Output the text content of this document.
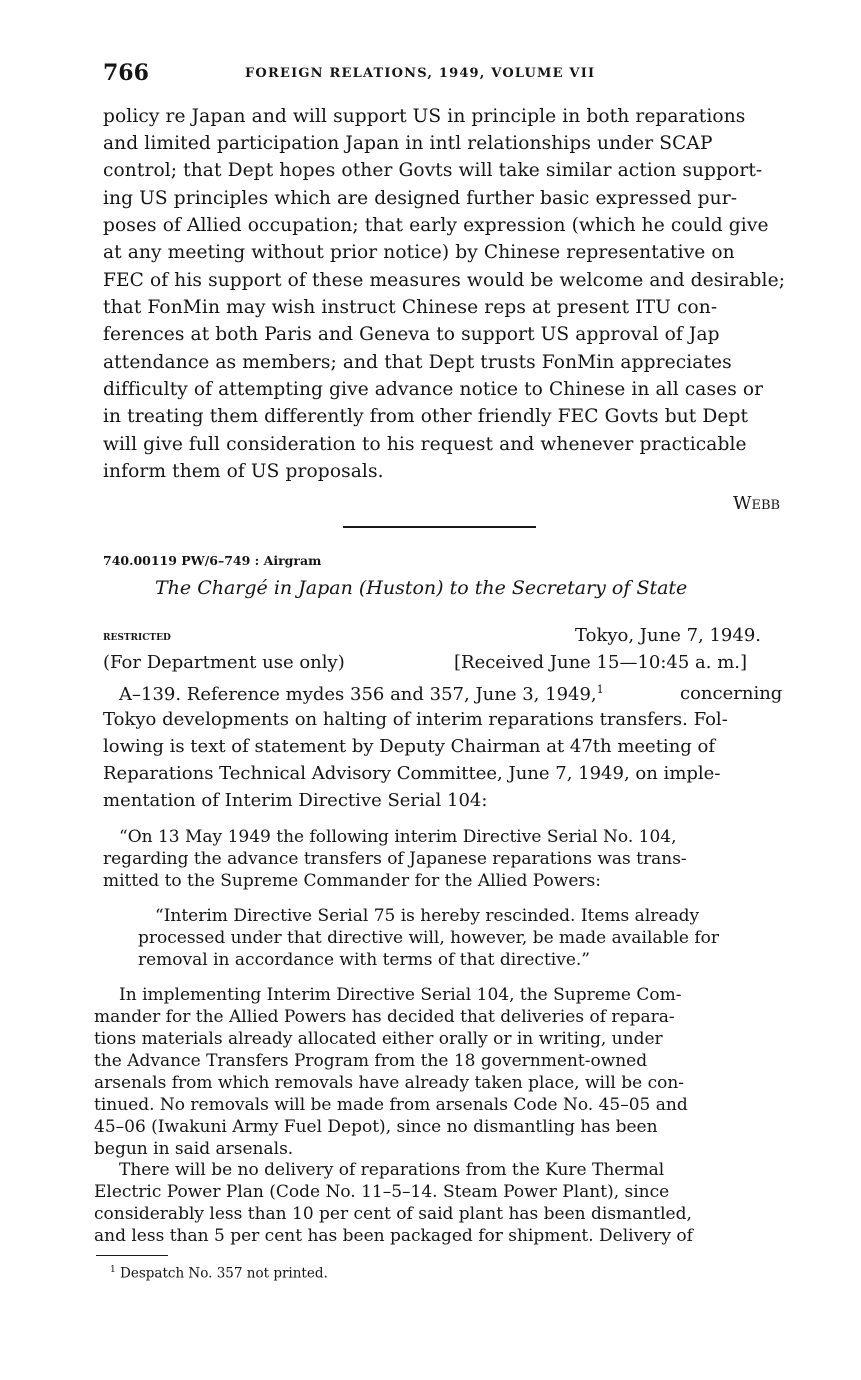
766	FOREIGN RELATIONS, 1949, VOLUME VII

policy re Japan and will support US in principle in both reparations

and limited participation Japan in intl relationships under SCAP

control; that Dept hopes other Govts will take similar action support-

ing US principles which are designed further basic expressed pur-

poses of Allied occupation; that early expression (which he could give

at any meeting without prior notice) by Chinese representative on

FEC of his support of these measures would be welcome and desirable;

that FonMin may wish instruct Chinese reps at present ITU con-

ferences at both Paris and Geneva to support US approval of Jap

attendance as members; and that Dept trusts FonMin appreciates

difficulty of attempting give advance notice to Chinese in all cases or

in treating them differently from other friendly FEC Govts but Dept

will give full consideration to his request and whenever practicable

inform them of US proposals.

Webb
740.00119 PW/6–749 : Airgram
The Chargé in Japan (Huston) to the Secretary of State
restricted	Tokyo, June 7, 1949.
(For Department use only)	[Received June 15—10:45 a. m.]

A–139. Reference mydes 356 and 357, June 3, 1949,$^1$	concerning

Tokyo developments on halting of interim reparations transfers. Fol-

lowing is text of statement by Deputy Chairman at 47th meeting of

Reparations Technical Advisory Committee, June 7, 1949, on imple-

mentation of Interim Directive Serial 104:

“On 13 May 1949 the following interim Directive Serial No. 104,

regarding the advance transfers of Japanese reparations was trans-

mitted to the Supreme Commander for the Allied Powers:

“Interim Directive Serial 75 is hereby rescinded. Items already

processed under that directive will, however, be made available for

removal in accordance with terms of that directive.”

In implementing Interim Directive Serial 104, the Supreme Com-

mander for the Allied Powers has decided that deliveries of repara-

tions materials already allocated either orally or in writing, under

the Advance Transfers Program from the 18 government-owned

arsenals from which removals have already taken place, will be con-

tinued. No removals will be made from arsenals Code No. 45–05 and

45–06 (Iwakuni Army Fuel Depot), since no dismantling has been

begun in said arsenals.

There will be no delivery of reparations from the Kure Thermal

Electric Power Plan (Code No. 11–5–14. Steam Power Plant), since

considerably less than 10 per cent of said plant has been dismantled,

and less than 5 per cent has been packaged for shipment. Delivery of

$^1$ Despatch No. 357 not printed.
